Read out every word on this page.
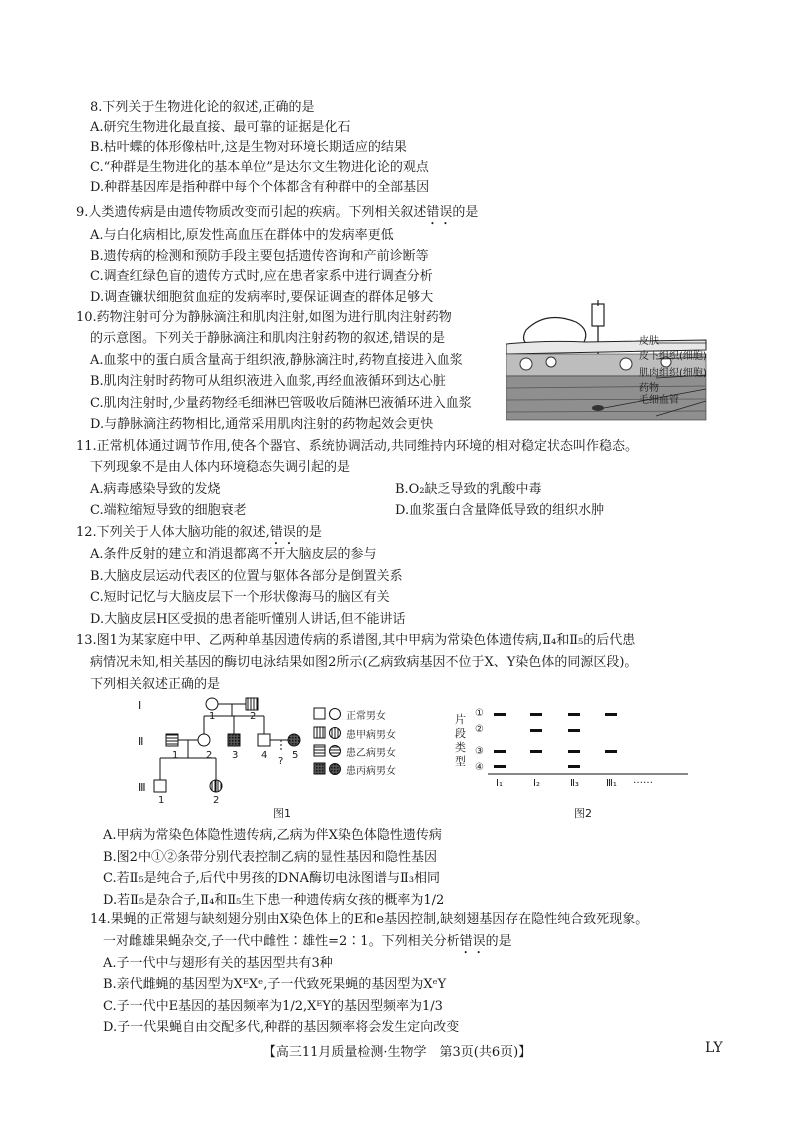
8.下列关于生物进化论的叙述,正确的是
A.研究生物进化最直接、最可靠的证据是化石
B.枯叶蝶的体形像枯叶,这是生物对环境长期适应的结果
C.“种群是生物进化的基本单位”是达尔文生物进化论的观点
D.种群基因库是指种群中每个个体都含有种群中的全部基因
9.人类遗传病是由遗传物质改变而引起的疾病。下列相关叙述错误的是
A.与白化病相比,原发性高血压在群体中的发病率更低
B.遗传病的检测和预防手段主要包括遗传咨询和产前诊断等
C.调查红绿色盲的遗传方式时,应在患者家系中进行调查分析
D.调查镰状细胞贫血症的发病率时,要保证调查的群体足够大
10.药物注射可分为静脉滴注和肌肉注射,如图为进行肌肉注射药物
的示意图。下列关于静脉滴注和肌肉注射药物的叙述,错误的是
A.血浆中的蛋白质含量高于组织液,静脉滴注时,药物直接进入血浆
B.肌肉注射时药物可从组织液进入血浆,再经血液循环到达心脏
C.肌肉注射时,少量药物经毛细淋巴管吸收后随淋巴液循环进入血浆
D.与静脉滴注药物相比,通常采用肌肉注射的药物起效会更快
皮肤
皮下组织(细胞)
肌肉组织(细胞)
药物
毛细血管
11.正常机体通过调节作用,使各个器官、系统协调活动,共同维持内环境的相对稳定状态叫作稳态。
下列现象不是由人体内环境稳态失调引起的是
A.病毒感染导致的发烧	B.O₂缺乏导致的乳酸中毒
C.端粒缩短导致的细胞衰老	D.血浆蛋白含量降低导致的组织水肿
12.下列关于人体大脑功能的叙述,错误的是
A.条件反射的建立和消退都离不开大脑皮层的参与
B.大脑皮层运动代表区的位置与躯体各部分是倒置关系
C.短时记忆与大脑皮层下一个形状像海马的脑区有关
D.大脑皮层H区受损的患者能听懂别人讲话,但不能讲话
13.图1为某家庭中甲、乙两种单基因遗传病的系谱图,其中甲病为常染色体遗传病,Ⅱ₄和Ⅱ₅的后代患
病情况未知,相关基因的酶切电泳结果如图2所示(乙病致病基因不位于X、Y染色体的同源区段)。
下列相关叙述正确的是
Ⅰ
Ⅱ
Ⅲ
1	2
1	2 3 4 5
?
1	2
正常男女
患甲病男女
患乙病男女
患丙病男女
图1
片
段
类
型
①
②
③
④
Ⅰ₁	Ⅰ₂	Ⅱ₃	Ⅲ₁ ……
图2
A.甲病为常染色体隐性遗传病,乙病为伴X染色体隐性遗传病
B.图2中①②条带分别代表控制乙病的显性基因和隐性基因
C.若Ⅱ₅是纯合子,后代中男孩的DNA酶切电泳图谱与Ⅱ₃相同
D.若Ⅱ₅是杂合子,Ⅱ₄和Ⅱ₅生下患一种遗传病女孩的概率为1/2
14.果蝇的正常翅与缺刻翅分别由X染色体上的E和e基因控制,缺刻翅基因存在隐性纯合致死现象。
一对雌雄果蝇杂交,子一代中雌性∶雄性=2∶1。下列相关分析错误的是
A.子一代中与翅形有关的基因型共有3种
B.亲代雌蝇的基因型为XᴱXᵉ,子一代致死果蝇的基因型为XᵉY
C.子一代中E基因的基因频率为1/2,XᴱY的基因型频率为1/3
D.子一代果蝇自由交配多代,种群的基因频率将会发生定向改变
【高三11月质量检测·生物学　第3页(共6页)】	LY
